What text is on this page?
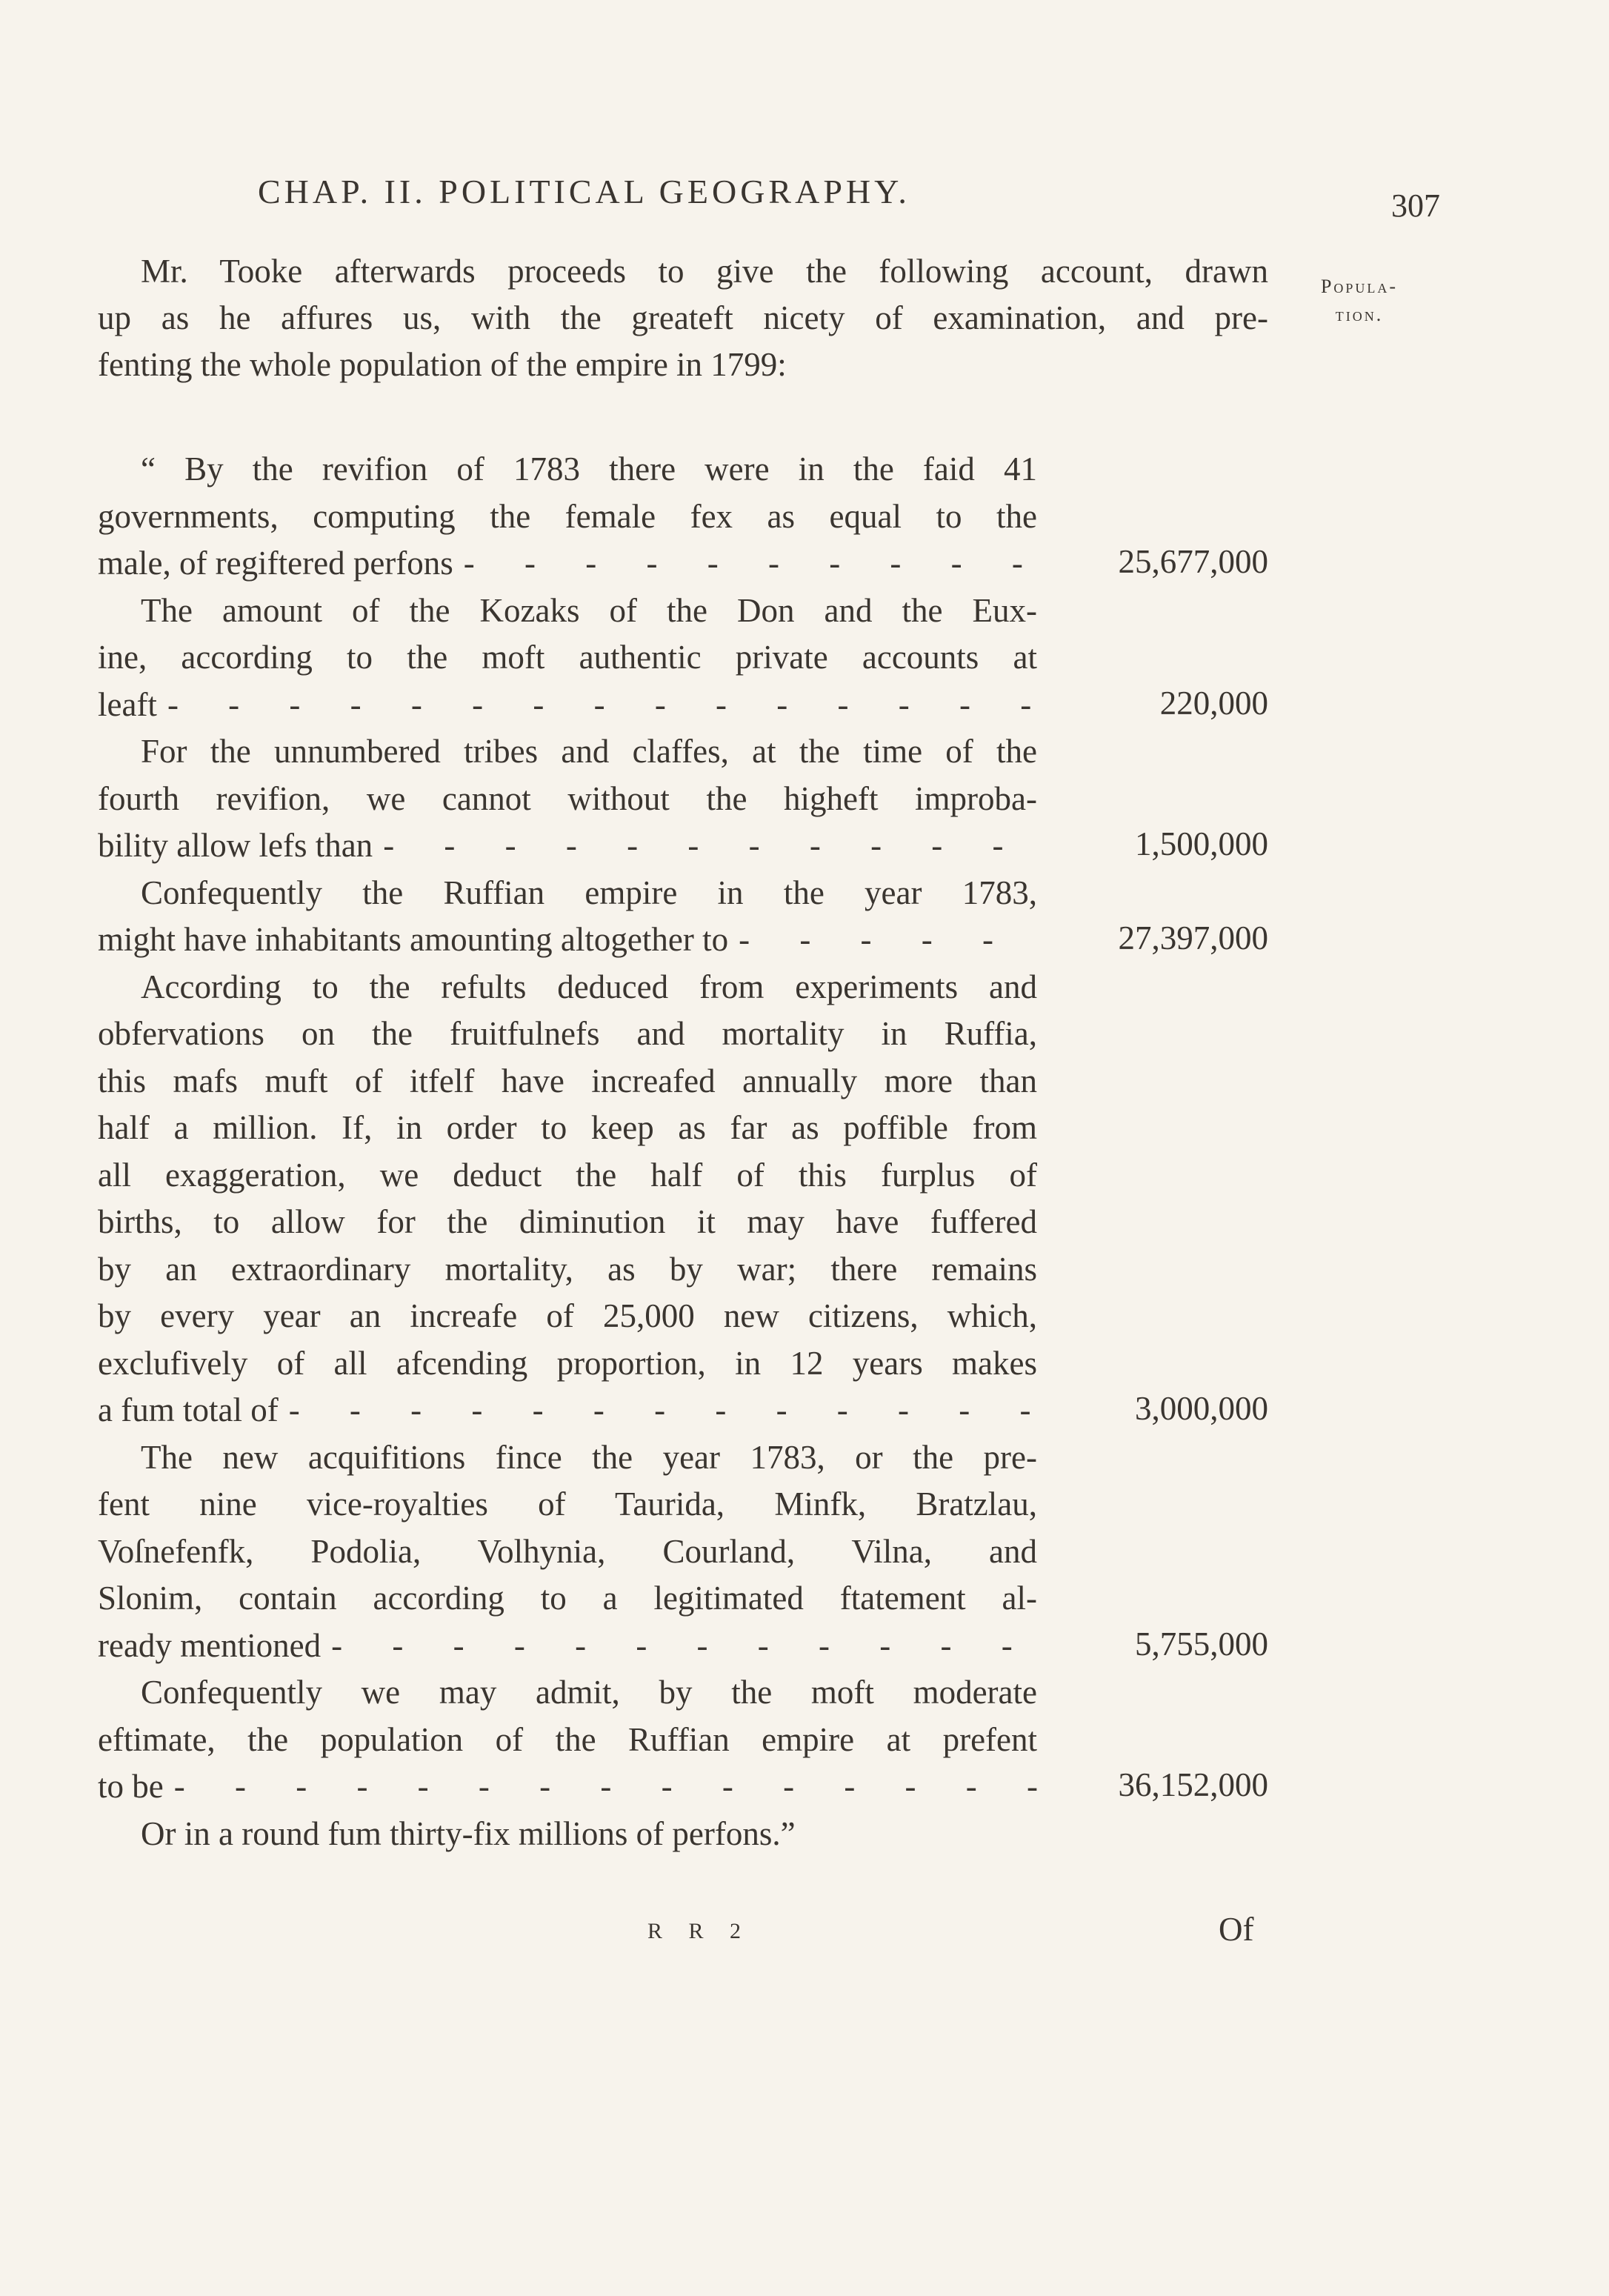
CHAP. II. POLITICAL GEOGRAPHY.	307
Popula-
tion.
Mr. Tooke afterwards proceeds to give the following account, drawn
up as he affures us, with the greateft nicety of examination, and pre-
fenting the whole population of the empire in 1799:
“ By the revifion of 1783 there were in the faid 41
governments, computing the female fex as equal to the
male, of regiftered perfons - -	25,677,000
The amount of the Kozaks of the Don and the Eux-
ine, according to the moft authentic private accounts at
leaft - -	220,000
For the unnumbered tribes and claffes, at the time of the
fourth revifion, we cannot without the higheft improba-
bility allow lefs than - -	1,500,000
Confequently the Ruffian empire in the year 1783,
might have inhabitants amounting altogether to - -	27,397,000
According to the refults deduced from experiments and
obfervations on the fruitfulnefs and mortality in Ruffia,
this mafs muft of itfelf have increafed annually more than
half a million. If, in order to keep as far as poffible from
all exaggeration, we deduct the half of this furplus of
births, to allow for the diminution it may have fuffered
by an extraordinary mortality, as by war; there remains
by every year an increafe of 25,000 new citizens, which,
exclufively of all afcending proportion, in 12 years makes
a fum total of - -	3,000,000
The new acquifitions fince the year 1783, or the pre-
fent nine vice-royalties of Taurida, Minfk, Bratzlau,
Voſnefenfk, Podolia, Volhynia, Courland, Vilna, and
Slonim, contain according to a legitimated ftatement al-
ready mentioned - -	5,755,000
Confequently we may admit, by the moft moderate
eftimate, the population of the Ruffian empire at prefent
to be - -	36,152,000
Or in a round fum thirty-fix millions of perfons.”
R R 2	Of
